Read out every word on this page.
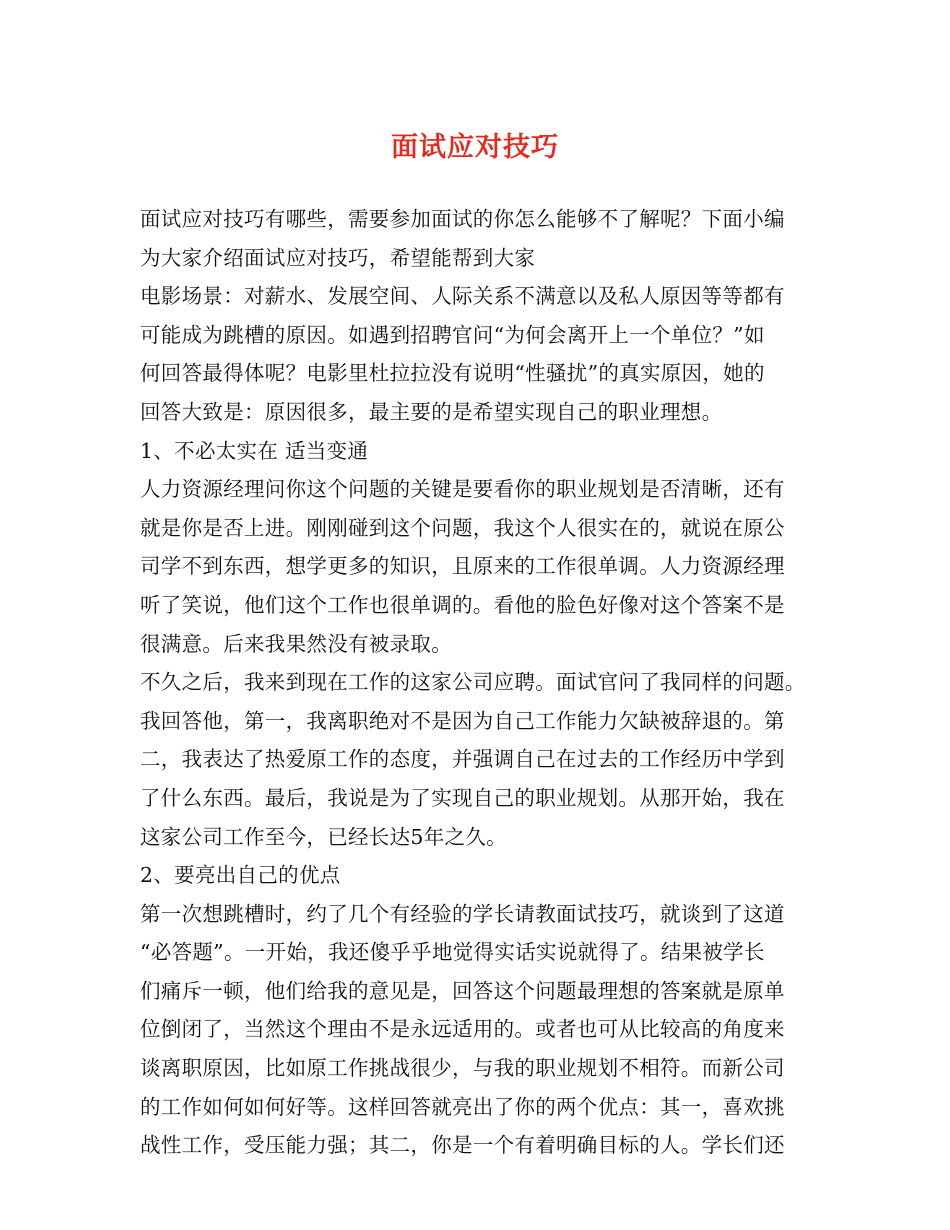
面试应对技巧
面试应对技巧有哪些，需要参加面试的你怎么能够不了解呢？下面小编
为大家介绍面试应对技巧，希望能帮到大家
电影场景：对薪水、发展空间、人际关系不满意以及私人原因等等都有
可能成为跳槽的原因。如遇到招聘官问“为何会离开上一个单位？”如
何回答最得体呢？电影里杜拉拉没有说明“性骚扰”的真实原因，她的
回答大致是：原因很多，最主要的是希望实现自己的职业理想。
1、不必太实在 适当变通
人力资源经理问你这个问题的关键是要看你的职业规划是否清晰，还有
就是你是否上进。刚刚碰到这个问题，我这个人很实在的，就说在原公
司学不到东西，想学更多的知识，且原来的工作很单调。人力资源经理
听了笑说，他们这个工作也很单调的。看他的脸色好像对这个答案不是
很满意。后来我果然没有被录取。
不久之后，我来到现在工作的这家公司应聘。面试官问了我同样的问题。
我回答他，第一，我离职绝对不是因为自己工作能力欠缺被辞退的。第
二，我表达了热爱原工作的态度，并强调自己在过去的工作经历中学到
了什么东西。最后，我说是为了实现自己的职业规划。从那开始，我在
这家公司工作至今，已经长达5年之久。
2、要亮出自己的优点
第一次想跳槽时，约了几个有经验的学长请教面试技巧，就谈到了这道
“必答题”。一开始，我还傻乎乎地觉得实话实说就得了。结果被学长
们痛斥一顿，他们给我的意见是，回答这个问题最理想的答案就是原单
位倒闭了，当然这个理由不是永远适用的。或者也可从比较高的角度来
谈离职原因，比如原工作挑战很少，与我的职业规划不相符。而新公司
的工作如何如何好等。这样回答就亮出了你的两个优点：其一，喜欢挑
战性工作，受压能力强；其二，你是一个有着明确目标的人。学长们还
